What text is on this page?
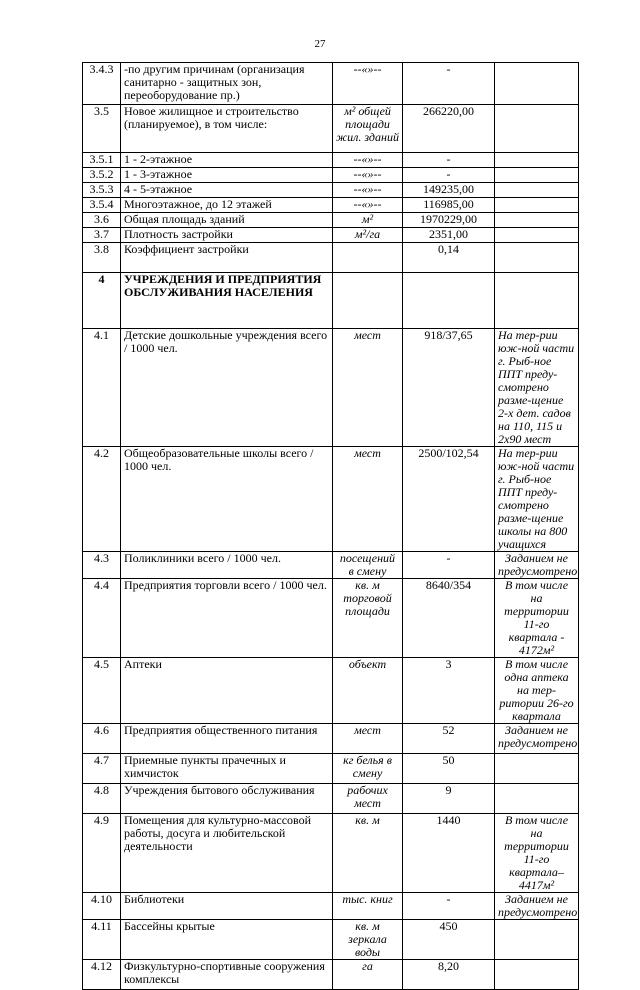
27
3.4.3	-по другим причинам (организация санитарно - защитных зон, переоборудование пр.)	--«»--	-	
3.5	Новое жилищное и строительство (планируемое), в том числе:	м² общей площади жил. зданий	266220,00	
3.5.1	1 - 2-этажное	--«»--	-	
3.5.2	1 - 3-этажное	--«»--	-	
3.5.3	4 - 5-этажное	--«»--	149235,00	
3.5.4	Многоэтажное, до 12 этажей	--«»--	116985,00	
3.6	Общая площадь зданий	м²	1970229,00	
3.7	Плотность застройки	м²/га	2351,00	
3.8	Коэффициент застройки		0,14	
4	УЧРЕЖДЕНИЯ И ПРЕДПРИЯТИЯ ОБСЛУЖИВАНИЯ НАСЕЛЕНИЯ			
4.1	Детские дошкольные учреждения всего / 1000 чел.	мест	918/37,65	На тер-рии юж-ной части г. Рыб-ное ППТ преду-смотрено разме-щение 2-х дет. садов на 110, 115 и 2х90 мест
4.2	Общеобразовательные школы всего / 1000 чел.	мест	2500/102,54	На тер-рии юж-ной части г. Рыб-ное ППТ преду-смотрено разме-щение школы на 800 учащихся
4.3	Поликлиники всего / 1000 чел.	посещений в смену	-	Заданием не предусмотрено
4.4	Предприятия торговли всего / 1000 чел.	кв. м торговой площади	8640/354	В том числе на территории 11-го квартала - 4172м²
4.5	Аптеки	объект	3	В том числе одна аптека на тер-ритории 26-го квартала
4.6	Предприятия общественного питания	мест	52	Заданием не предусмотрено
4.7	Приемные пункты прачечных и химчисток	кг белья в смену	50	
4.8	Учреждения бытового обслуживания	рабочих мест	9	
4.9	Помещения для культурно-массовой работы, досуга и любительской деятельности	кв. м	1440	В том числе на территории 11-го квартала–4417м²
4.10	Библиотеки	тыс. книг	-	Заданием не предусмотрено
4.11	Бассейны крытые	кв. м зеркала воды	450	
4.12	Физкультурно-спортивные сооружения комплексы	га	8,20	
